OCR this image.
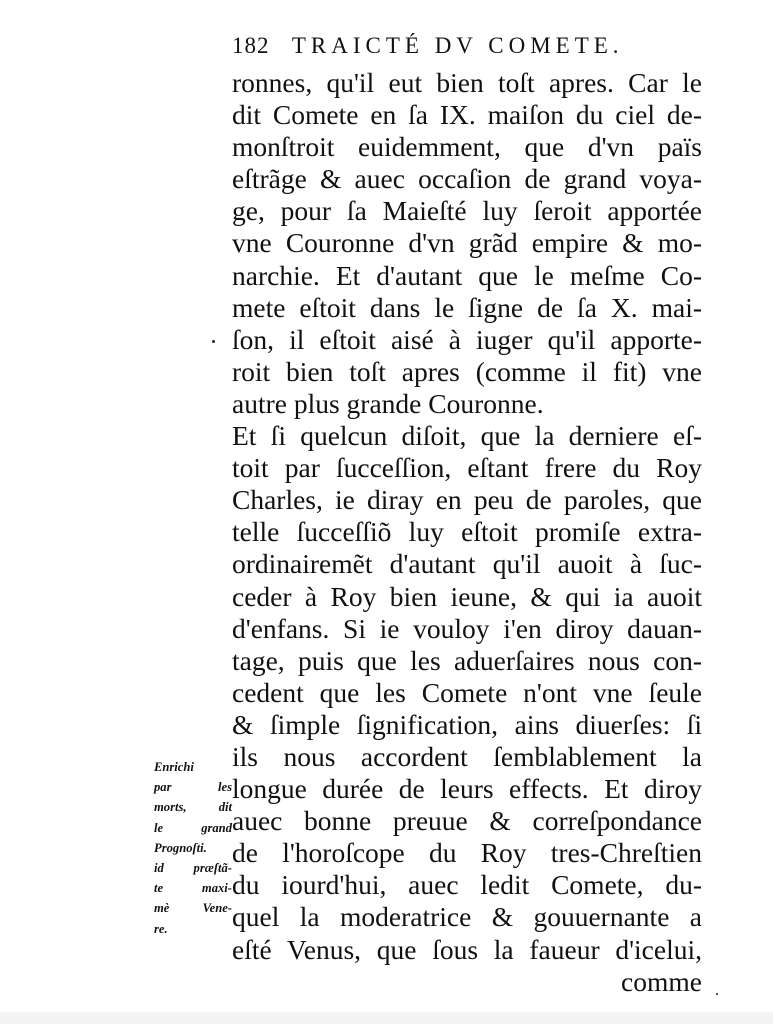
182 TRAICTÉ DV COMETE.
ronnes, qu'il eut bien toſt apres. Car le
dit Comete en ſa IX. maiſon du ciel de-
monſtroit euidemment, que d'vn païs
eſtrãge & auec occaſion de grand voya-
ge, pour ſa Maieſté luy ſeroit apportée
vne Couronne d'vn grãd empire & mo-
narchie. Et d'autant que le meſme Co-
mete eſtoit dans le ſigne de ſa X. mai-
ſon, il eſtoit aisé à iuger qu'il apporte-
roit bien toſt apres (comme il fit) vne
autre plus grande Couronne.
Et ſi quelcun diſoit, que la derniere eſ-
toit par ſucceſſion, eſtant frere du Roy
Charles, ie diray en peu de paroles, que
telle ſucceſſiõ luy eſtoit promiſe extra-
ordinairemẽt d'autant qu'il auoit à ſuc-
ceder à Roy bien ieune, & qui ia auoit
d'enfans. Si ie vouloy i'en diroy dauan-
tage, puis que les aduerſaires nous con-
cedent que les Comete n'ont vne ſeule
& ſimple ſignification, ains diuerſes: ſi
ils nous accordent ſemblablement la
longue durée de leurs effects. Et diroy
auec bonne preuue & correſpondance
de l'horoſcope du Roy tres-Chreſtien
du iourd'hui, auec ledit Comete, du-
quel la moderatrice & gouuernante a
eſté Venus, que ſous la faueur d'icelui,
comme
Enrichi
par les
morts, dit
le grand
Prognoſti.
id præſtã-
te maxi-
mè Vene-
re.
